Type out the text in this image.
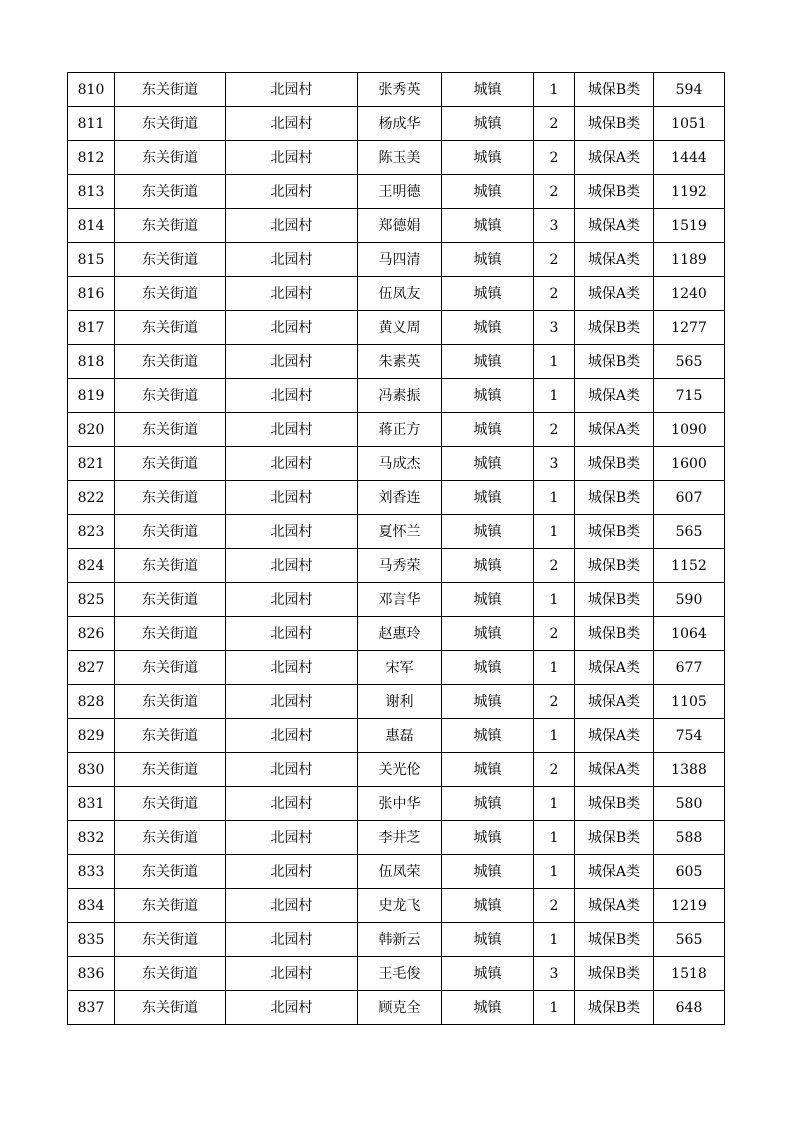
810	东关街道	北园村	张秀英	城镇	1	城保B类	594
811	东关街道	北园村	杨成华	城镇	2	城保B类	1051
812	东关街道	北园村	陈玉美	城镇	2	城保A类	1444
813	东关街道	北园村	王明德	城镇	2	城保B类	1192
814	东关街道	北园村	郑德娟	城镇	3	城保A类	1519
815	东关街道	北园村	马四清	城镇	2	城保A类	1189
816	东关街道	北园村	伍凤友	城镇	2	城保A类	1240
817	东关街道	北园村	黄义周	城镇	3	城保B类	1277
818	东关街道	北园村	朱素英	城镇	1	城保B类	565
819	东关街道	北园村	冯素振	城镇	1	城保A类	715
820	东关街道	北园村	蒋正方	城镇	2	城保A类	1090
821	东关街道	北园村	马成杰	城镇	3	城保B类	1600
822	东关街道	北园村	刘香连	城镇	1	城保B类	607
823	东关街道	北园村	夏怀兰	城镇	1	城保B类	565
824	东关街道	北园村	马秀荣	城镇	2	城保B类	1152
825	东关街道	北园村	邓言华	城镇	1	城保B类	590
826	东关街道	北园村	赵惠玲	城镇	2	城保B类	1064
827	东关街道	北园村	宋军	城镇	1	城保A类	677
828	东关街道	北园村	谢利	城镇	2	城保A类	1105
829	东关街道	北园村	惠磊	城镇	1	城保A类	754
830	东关街道	北园村	关光伦	城镇	2	城保A类	1388
831	东关街道	北园村	张中华	城镇	1	城保B类	580
832	东关街道	北园村	李井芝	城镇	1	城保B类	588
833	东关街道	北园村	伍凤荣	城镇	1	城保A类	605
834	东关街道	北园村	史龙飞	城镇	2	城保A类	1219
835	东关街道	北园村	韩新云	城镇	1	城保B类	565
836	东关街道	北园村	王毛俊	城镇	3	城保B类	1518
837	东关街道	北园村	顾克全	城镇	1	城保B类	648
